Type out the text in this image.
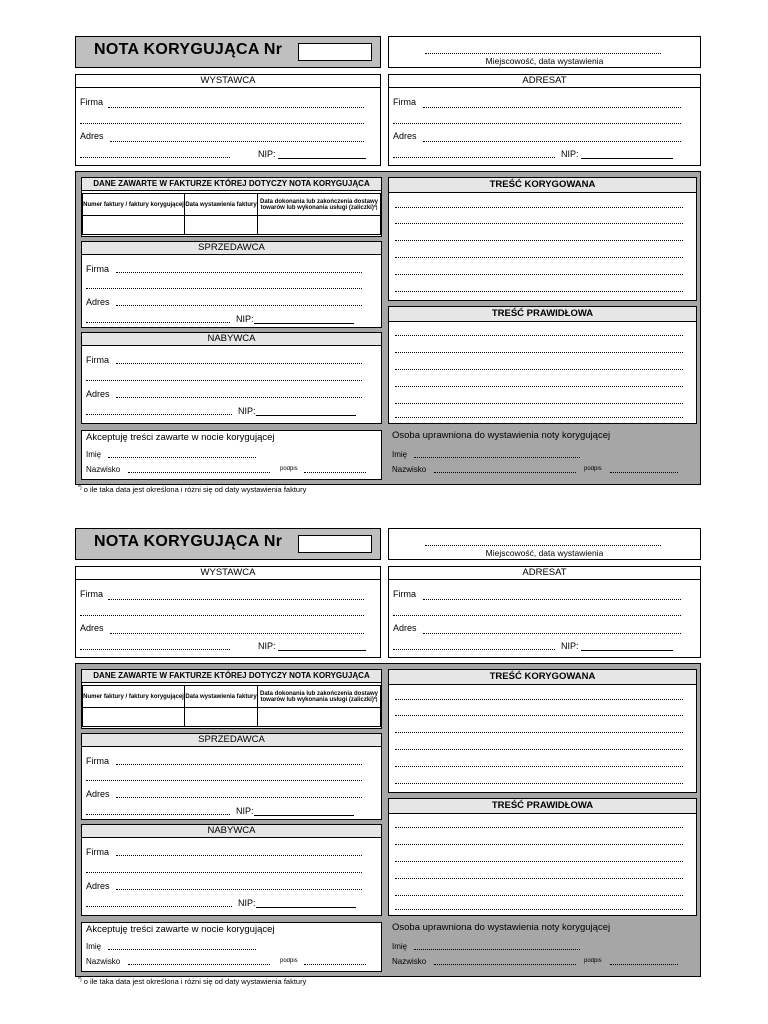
NOTA KORYGUJĄCA Nr
Miejscowość, data wystawienia
WYSTAWCA
Firma
Adres
NIP:
ADRESAT
Firma
Adres
NIP:
DANE ZAWARTE W FAKTURZE KTÓREJ DOTYCZY NOTA KORYGUJĄCA
Numer faktury / faktury korygującej	Data wystawienia faktury	Data dokonania lub zakończenia dostawy towarów lub wykonania usługi (zaliczki)*)

SPRZEDAWCA
Firma
Adres
NIP:
NABYWCA
Firma
Adres
NIP:
Akceptuję treści zawarte w nocie korygującej
Imię
Nazwisko	podpis
TREŚĆ KORYGOWANA
TREŚĆ PRAWIDŁOWA
Osoba uprawniona do wystawienia noty korygującej
Imię
Nazwisko	podpis
*) o ile taka data jest określona i różni się od daty wystawienia faktury
NOTA KORYGUJĄCA Nr
Miejscowość, data wystawienia
WYSTAWCA
Firma
Adres
NIP:
ADRESAT
Firma
Adres
NIP:
DANE ZAWARTE W FAKTURZE KTÓREJ DOTYCZY NOTA KORYGUJĄCA
Numer faktury / faktury korygującej	Data wystawienia faktury	Data dokonania lub zakończenia dostawy towarów lub wykonania usługi (zaliczki)*)

SPRZEDAWCA
Firma
Adres
NIP:
NABYWCA
Firma
Adres
NIP:
Akceptuję treści zawarte w nocie korygującej
Imię
Nazwisko	podpis
TREŚĆ KORYGOWANA
TREŚĆ PRAWIDŁOWA
Osoba uprawniona do wystawienia noty korygującej
Imię
Nazwisko	podpis
*) o ile taka data jest określona i różni się od daty wystawienia faktury
